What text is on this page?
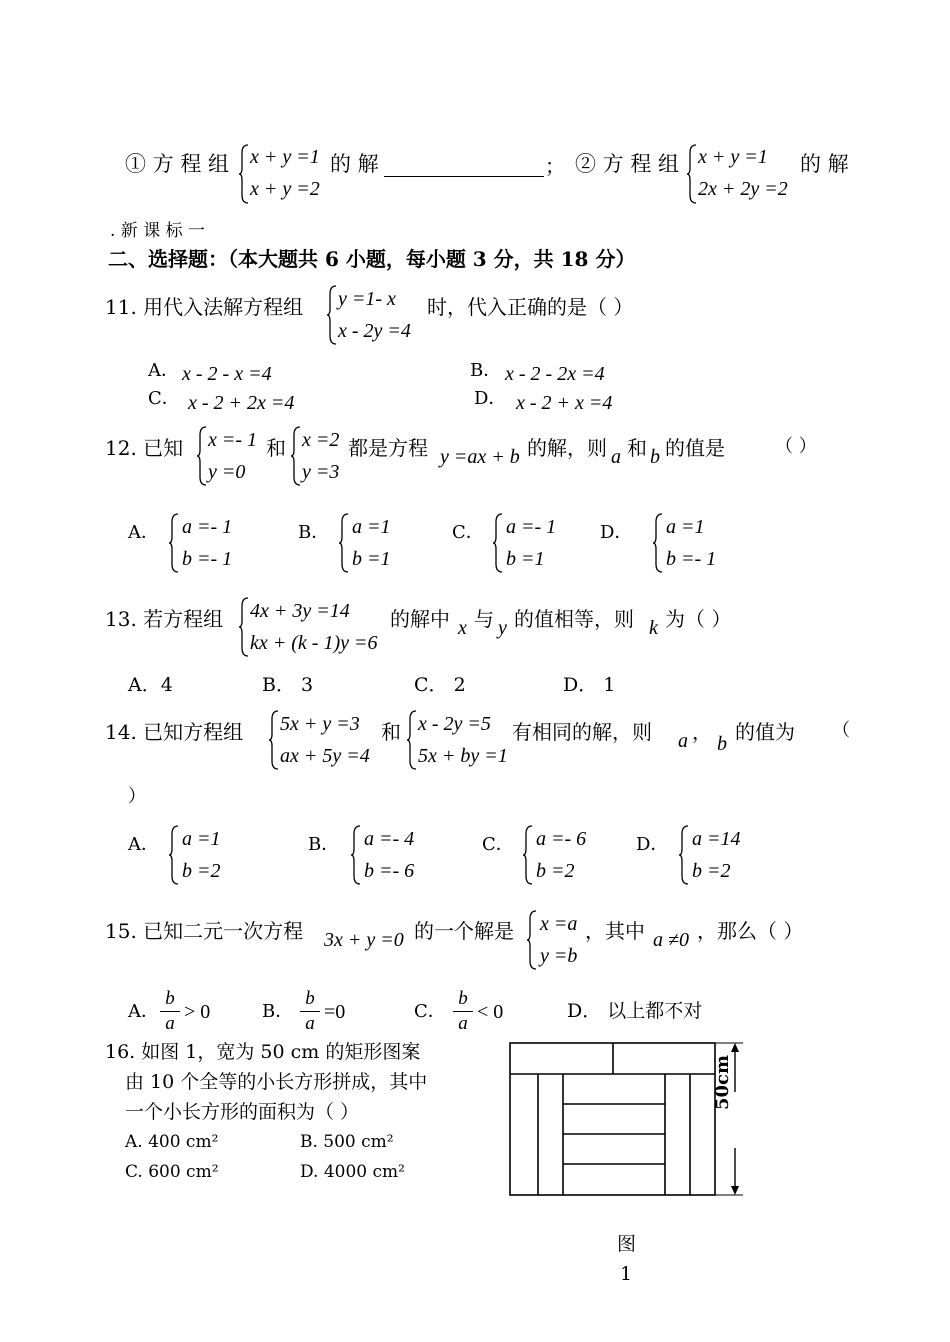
① 方 程 组 x + y =1
x + y =2
的 解	； ② 方 程 组 x + y =1
2x + 2y =2
的 解
. 新 课 标 一
二、选择题：（本大题共 6 小题，每小题 3 分，共 18 分）
11. 用代入法解方程组 y =1- x
x - 2y =4
时，代入正确的是（ ）
A． x - 2 - x =4	B． x - 2 - 2x =4
C． x - 2 + 2x =4	D． x - 2 + x =4
12. 已知 x =- 1
y =0
和 x =2
y =3
都是方程 y =ax + b 的解，则 a 和 b 的值是	（ ）
A． a =- 1
b =- 1
B． a =1
b =1
C． a =- 1
b =1
D． a =1
b =- 1
13. 若方程组 4x + 3y =14
kx + (k - 1)y =6
的解中 x 与 y 的值相等，则 k 为（ ）
A．4	B． 3	C． 2	D． 1
14. 已知方程组 5x + y =3
ax + 5y =4
和 x - 2y =5
5x + by =1
有相同的解，则 a ， b 的值为 （
）
A． a =1
b =2
B． a =- 4
b =- 6
C． a =- 6
b =2
D． a =14
b =2
15. 已知二元一次方程 3x + y =0 的一个解是 x =a
y =b
，其中 a ≠0 ，那么（ ）
A．
b
a
> 0	B．
b
a
=0	C．
b
a
< 0	D． 以上都不对
16. 如图 1，宽为 50 cm 的矩形图案
由 10 个全等的小长方形拼成，其中
一个小长方形的面积为（ ）
A. 400 cm²	B. 500 cm²
C. 600 cm²	D. 4000 cm²
50cm
图
1
